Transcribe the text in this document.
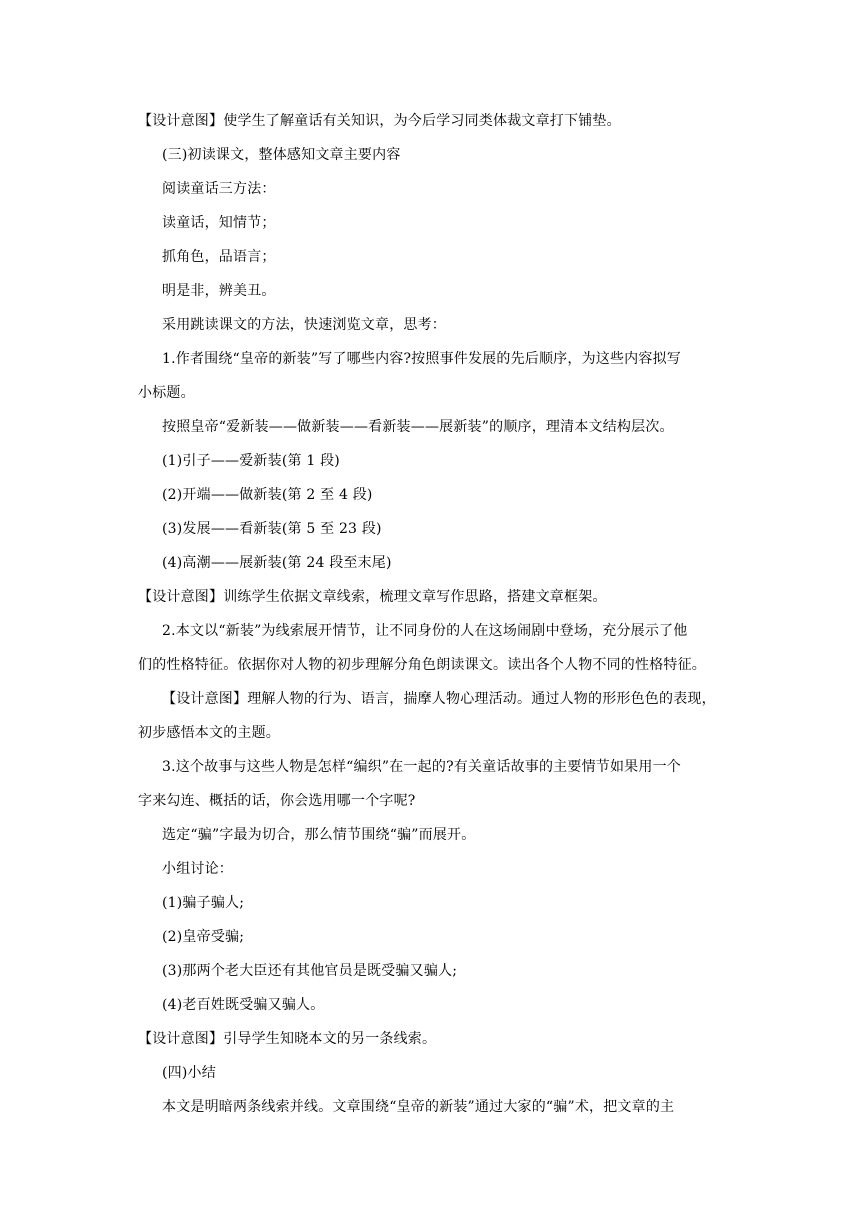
【设计意图】使学生了解童话有关知识，为今后学习同类体裁文章打下铺垫。
(三)初读课文，整体感知文章主要内容
阅读童话三方法：
读童话，知情节；
抓角色，品语言；
明是非，辨美丑。
采用跳读课文的方法，快速浏览文章，思考：
1.作者围绕“皇帝的新装”写了哪些内容?按照事件发展的先后顺序，为这些内容拟写
小标题。
按照皇帝“爱新装——做新装——看新装——展新装”的顺序，理清本文结构层次。
(1)引子——爱新装(第 1 段)
(2)开端——做新装(第 2 至 4 段)
(3)发展——看新装(第 5 至 23 段)
(4)高潮——展新装(第 24 段至末尾)
【设计意图】训练学生依据文章线索，梳理文章写作思路，搭建文章框架。
2.本文以“新装”为线索展开情节，让不同身份的人在这场闹剧中登场，充分展示了他
们的性格特征。依据你对人物的初步理解分角色朗读课文。读出各个人物不同的性格特征。
【设计意图】理解人物的行为、语言，揣摩人物心理活动。通过人物的形形色色的表现，
初步感悟本文的主题。
3.这个故事与这些人物是怎样“编织”在一起的?有关童话故事的主要情节如果用一个
字来勾连、概括的话，你会选用哪一个字呢?
选定“骗”字最为切合，那么情节围绕“骗”而展开。
小组讨论：
(1)骗子骗人;
(2)皇帝受骗;
(3)那两个老大臣还有其他官员是既受骗又骗人;
(4)老百姓既受骗又骗人。
【设计意图】引导学生知晓本文的另一条线索。
(四)小结
本文是明暗两条线索并线。文章围绕“皇帝的新装”通过大家的“骗”术，把文章的主
